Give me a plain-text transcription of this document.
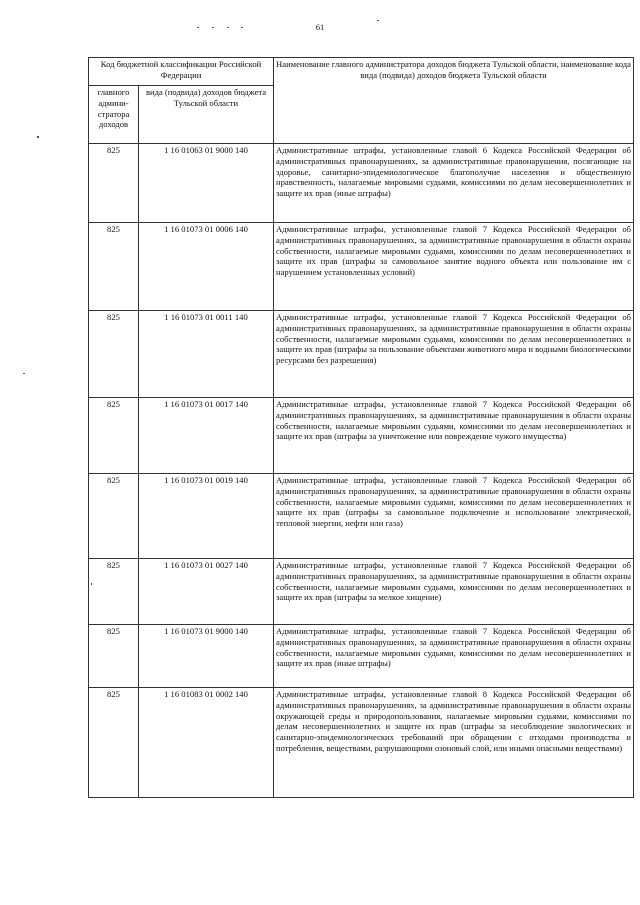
61
Код бюджетной классификации Российской Федерации		Наименование главного администратора доходов бюджета Тульской области, наименование кода вида (подвида) доходов бюджета Тульской области
главного админи-стратора доходов	вида (подвида) доходов бюджета Тульской области	
825	1 16 01063 01 9000 140	Административные штрафы, установленные главой 6 Кодекса Российской Федерации об административных правонарушениях, за административные правонарушения, посягающие на здоровье, санитарно-эпидемиологическое благополучие населения и общественную нравственность, налагаемые мировыми судьями, комиссиями по делам несовершеннолетних и защите их прав (иные штрафы)
825	1 16 01073 01 0006 140	Административные штрафы, установленные главой 7 Кодекса Российской Федерации об административных правонарушениях, за административные правонарушения в области охраны собственности, налагаемые мировыми судьями, комиссиями по делам несовершеннолетних и защите их прав (штрафы за самовольное занятие водного объекта или пользование им с нарушением установленных условий)
825	1 16 01073 01 0011 140	Административные штрафы, установленные главой 7 Кодекса Российской Федерации об административных правонарушениях, за административные правонарушения в области охраны собственности, налагаемые мировыми судьями, комиссиями по делам несовершеннолетних и защите их прав (штрафы за пользование объектами животного мира и водными биологическими ресурсами без разрешения)
825	1 16 01073 01 0017 140	Административные штрафы, установленные главой 7 Кодекса Российской Федерации об административных правонарушениях, за административные правонарушения в области охраны собственности, налагаемые мировыми судьями, комиссиями по делам несовершеннолетних и защите их прав (штрафы за уничтожение или повреждение чужого имущества)
825	1 16 01073 01 0019 140	Административные штрафы, установленные главой 7 Кодекса Российской Федерации об административных правонарушениях, за административные правонарушения в области охраны собственности, налагаемые мировыми судьями, комиссиями по делам несовершеннолетних и защите их прав (штрафы за самовольное подключение и использование электрической, тепловой энергии, нефти или газа)
825	1 16 01073 01 0027 140	Административные штрафы, установленные главой 7 Кодекса Российской Федерации об административных правонарушениях, за административные правонарушения в области охраны собственности, налагаемые мировыми судьями, комиссиями по делам несовершеннолетних и защите их прав (штрафы за мелкое хищение)
825	1 16 01073 01 9000 140	Административные штрафы, установленные главой 7 Кодекса Российской Федерации об административных правонарушениях, за административные правонарушения в области охраны собственности, налагаемые мировыми судьями, комиссиями по делам несовершеннолетних и защите их прав (иные штрафы)
825	1 16 01083 01 0002 140	Административные штрафы, установленные главой 8 Кодекса Российской Федерации об административных правонарушениях, за административные правонарушения в области охраны окружающей среды и природопользования, налагаемые мировыми судьями, комиссиями по делам несовершеннолетних и защите их прав (штрафы за несоблюдение экологических и санитарно-эпидемиологических требований при обращении с отходами производства и потребления, веществами, разрушающими озоновый слой, или иными опасными веществами)
